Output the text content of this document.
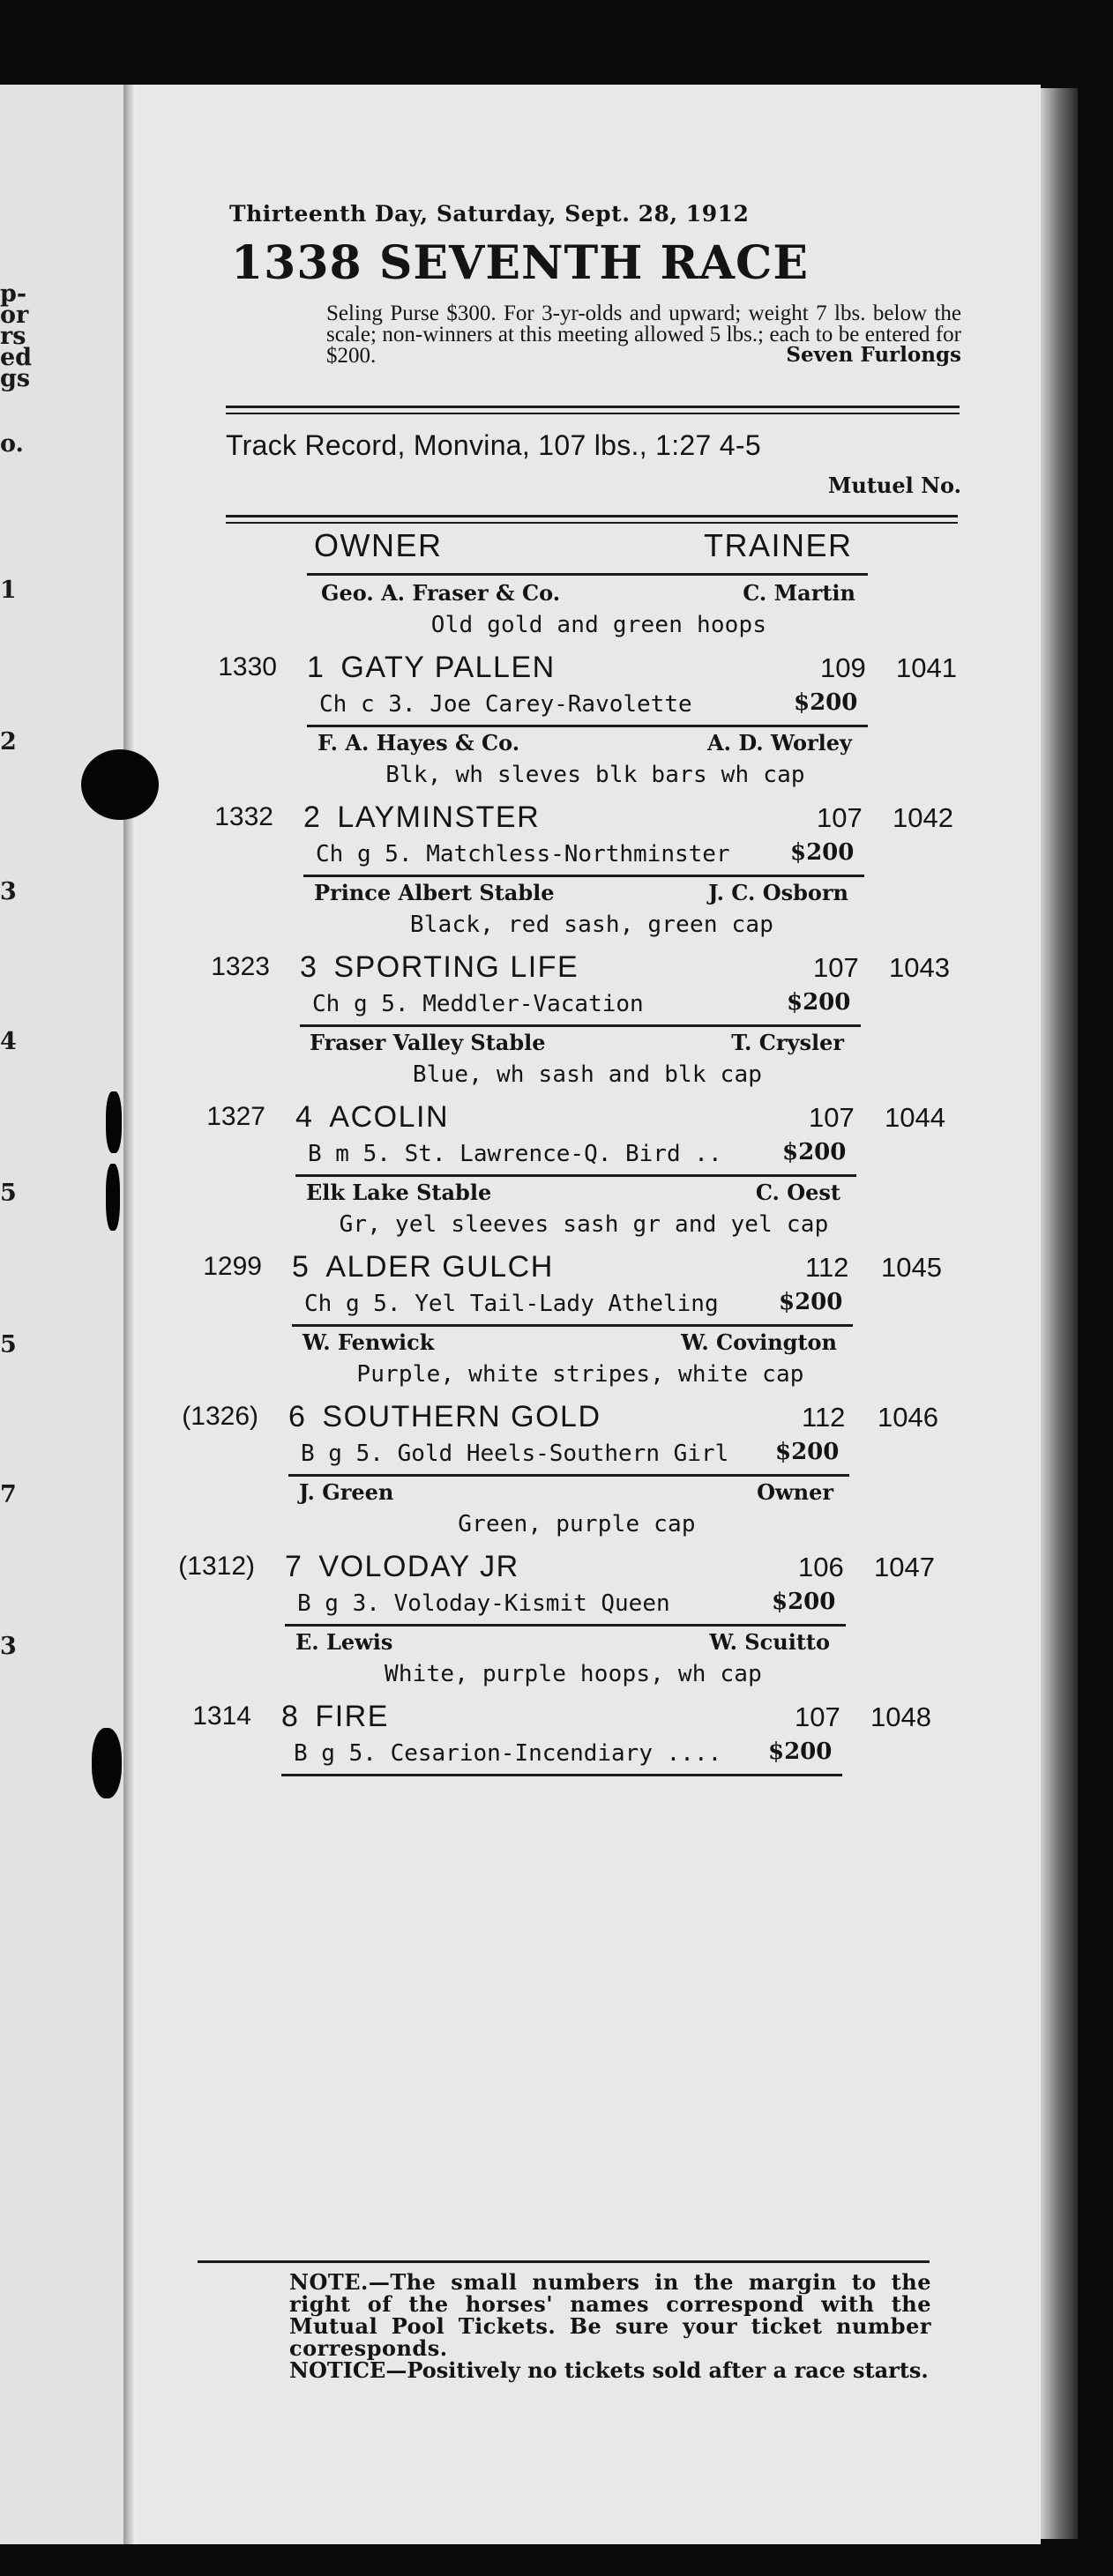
p-
or
rs
ed
gs
o.
1
2
3
4
5
5
7
3
Thirteenth Day, Saturday, Sept. 28, 1912
1338 SEVENTH RACE
Seling Purse $300. For 3-yr-olds and upward; weight 7 lbs. below the scale; non-winners at this meeting allowed 5 lbs.; each to be entered for $200.	Seven Furlongs
Track Record, Monvina, 107 lbs., 1:27 4-5
Mutuel No.
OWNER	TRAINER
Geo. A. Fraser & Co.	C. Martin
Old gold and green hoops
1330 1 GATY PALLEN	109 1041
Ch c 3. Joe Carey-Ravolette	$200
F. A. Hayes & Co.	A. D. Worley
Blk, wh sleves blk bars wh cap
1332 2 LAYMINSTER	107 1042
Ch g 5. Matchless-Northminster	$200
Prince Albert Stable	J. C. Osborn
Black, red sash, green cap
1323 3 SPORTING LIFE	107 1043
Ch g 5. Meddler-Vacation	$200
Fraser Valley Stable	T. Crysler
Blue, wh sash and blk cap
1327 4 ACOLIN	107 1044
B m 5. St. Lawrence-Q. Bird ..	$200
Elk Lake Stable	C. Oest
Gr, yel sleeves sash gr and yel cap
1299 5 ALDER GULCH	112 1045
Ch g 5. Yel Tail-Lady Atheling	$200
W. Fenwick	W. Covington
Purple, white stripes, white cap
(1326) 6 SOUTHERN GOLD	112 1046
B g 5. Gold Heels-Southern Girl $200
J. Green	Owner
Green, purple cap
(1312) 7 VOLODAY JR	106 1047
B g 3. Voloday-Kismit Queen	$200
E. Lewis	W. Scuitto
White, purple hoops, wh cap
1314 8 FIRE	107 1048
B g 5. Cesarion-Incendiary .... $200

NOTE.—The small numbers in the margin to the right of the horses' names correspond with the Mutual Pool Tickets. Be sure your ticket number corresponds.

NOTICE—Positively no tickets sold after a race starts.
